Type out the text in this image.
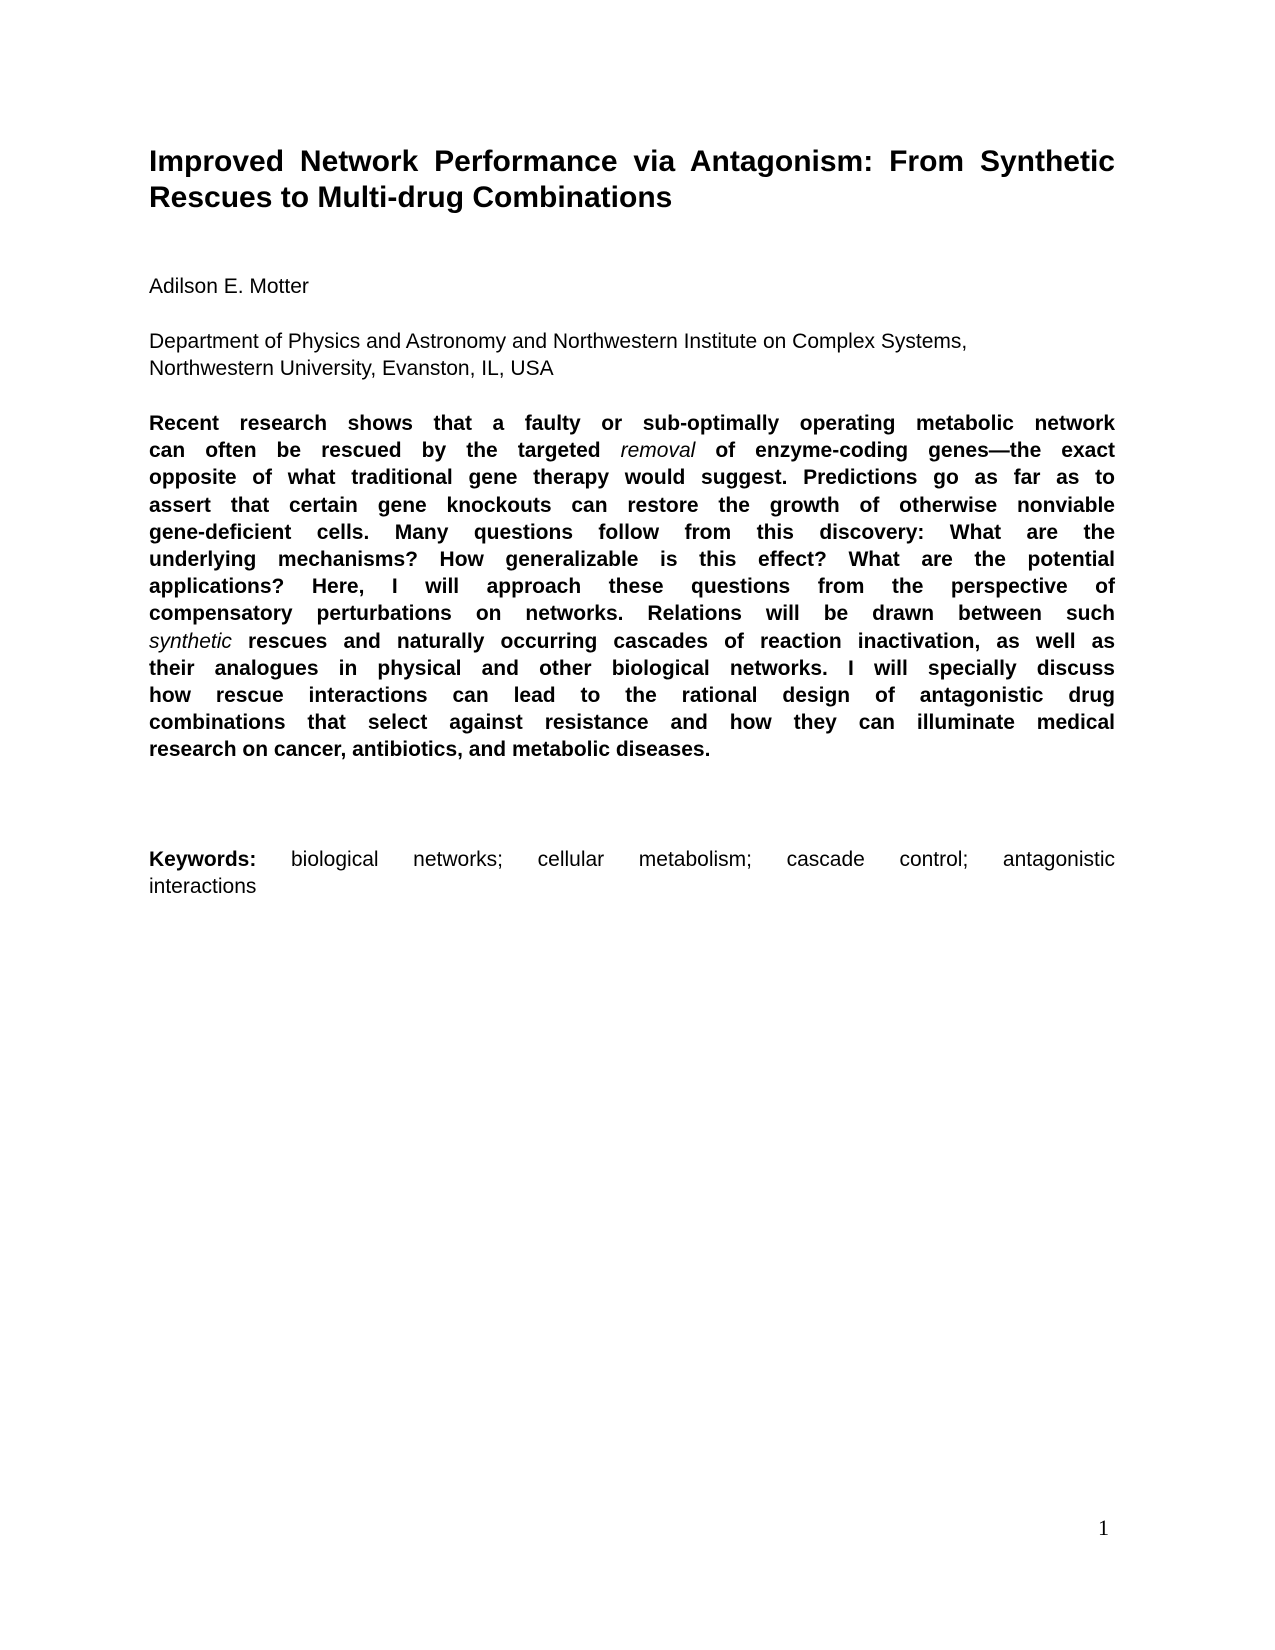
Improved Network Performance via Antagonism: From Synthetic
Rescues to Multi-drug Combinations
Adilson E. Motter
Department of Physics and Astronomy and Northwestern Institute on Complex Systems,
Northwestern University, Evanston, IL, USA
Recent research shows that a faulty or sub-optimally operating metabolic network
can often be rescued by the targeted removal of enzyme-coding genes—the exact
opposite of what traditional gene therapy would suggest. Predictions go as far as to
assert that certain gene knockouts can restore the growth of otherwise nonviable
gene-deficient cells. Many questions follow from this discovery: What are the
underlying mechanisms? How generalizable is this effect? What are the potential
applications? Here, I will approach these questions from the perspective of
compensatory perturbations on networks. Relations will be drawn between such
synthetic rescues and naturally occurring cascades of reaction inactivation, as well as
their analogues in physical and other biological networks. I will specially discuss
how rescue interactions can lead to the rational design of antagonistic drug
combinations that select against resistance and how they can illuminate medical
research on cancer, antibiotics, and metabolic diseases.
Keywords: biological networks; cellular metabolism; cascade control; antagonistic
interactions
1
